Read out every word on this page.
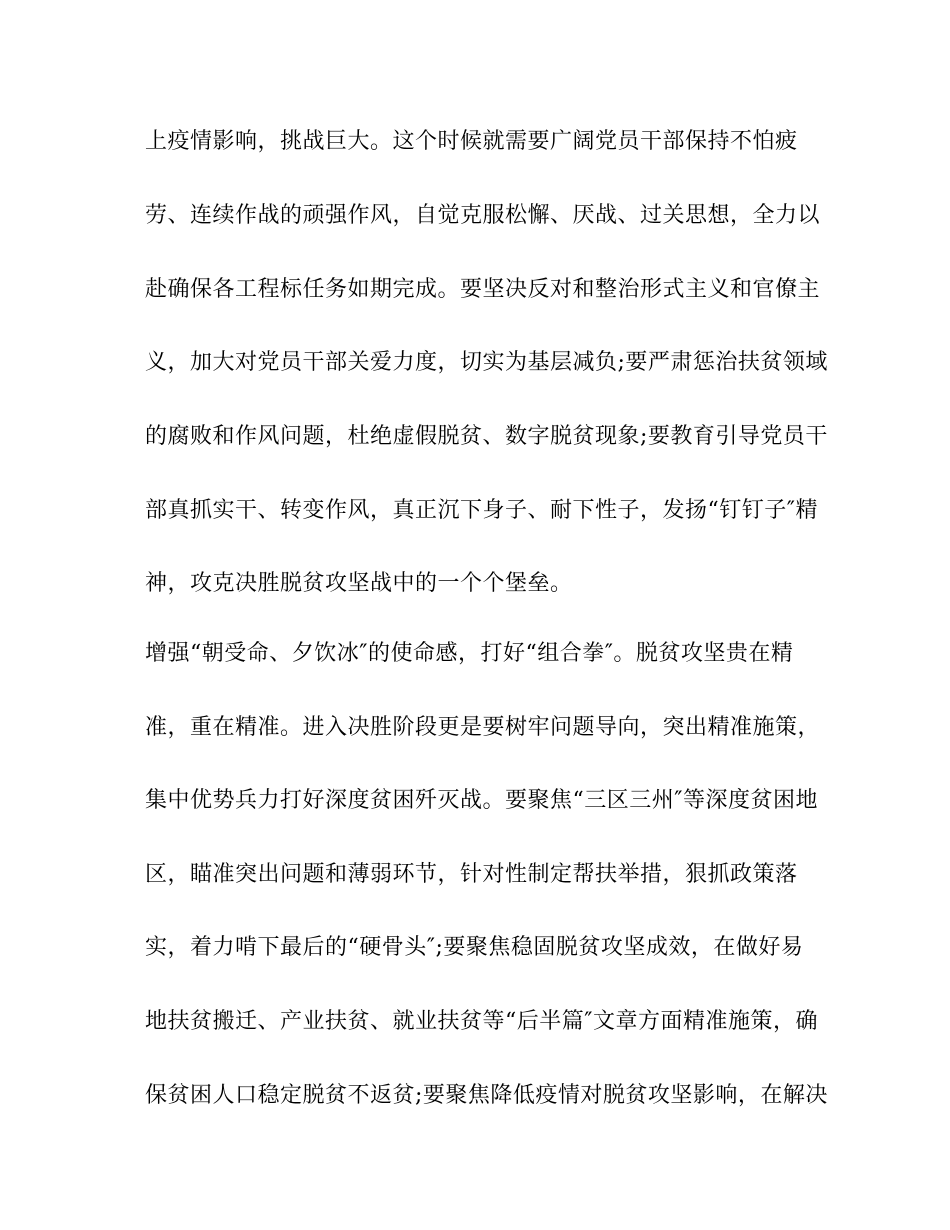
上疫情影响，挑战巨大。这个时候就需要广阔党员干部保持不怕疲
劳、连续作战的顽强作风，自觉克服松懈、厌战、过关思想，全力以
赴确保各工程标任务如期完成。要坚决反对和整治形式主义和官僚主
义，加大对党员干部关爱力度，切实为基层减负;要严肃惩治扶贫领域
的腐败和作风问题，杜绝虚假脱贫、数字脱贫现象;要教育引导党员干
部真抓实干、转变作风，真正沉下身子、耐下性子，发扬“钉钉子″精
神，攻克决胜脱贫攻坚战中的一个个堡垒。
增强“朝受命、夕饮冰″的使命感，打好“组合拳″。脱贫攻坚贵在精
准，重在精准。进入决胜阶段更是要树牢问题导向，突出精准施策，
集中优势兵力打好深度贫困歼灭战。要聚焦“三区三州″等深度贫困地
区，瞄准突出问题和薄弱环节，针对性制定帮扶举措，狠抓政策落
实，着力啃下最后的“硬骨头″;要聚焦稳固脱贫攻坚成效，在做好易
地扶贫搬迁、产业扶贫、就业扶贫等“后半篇″文章方面精准施策，确
保贫困人口稳定脱贫不返贫;要聚焦降低疫情对脱贫攻坚影响，在解决
